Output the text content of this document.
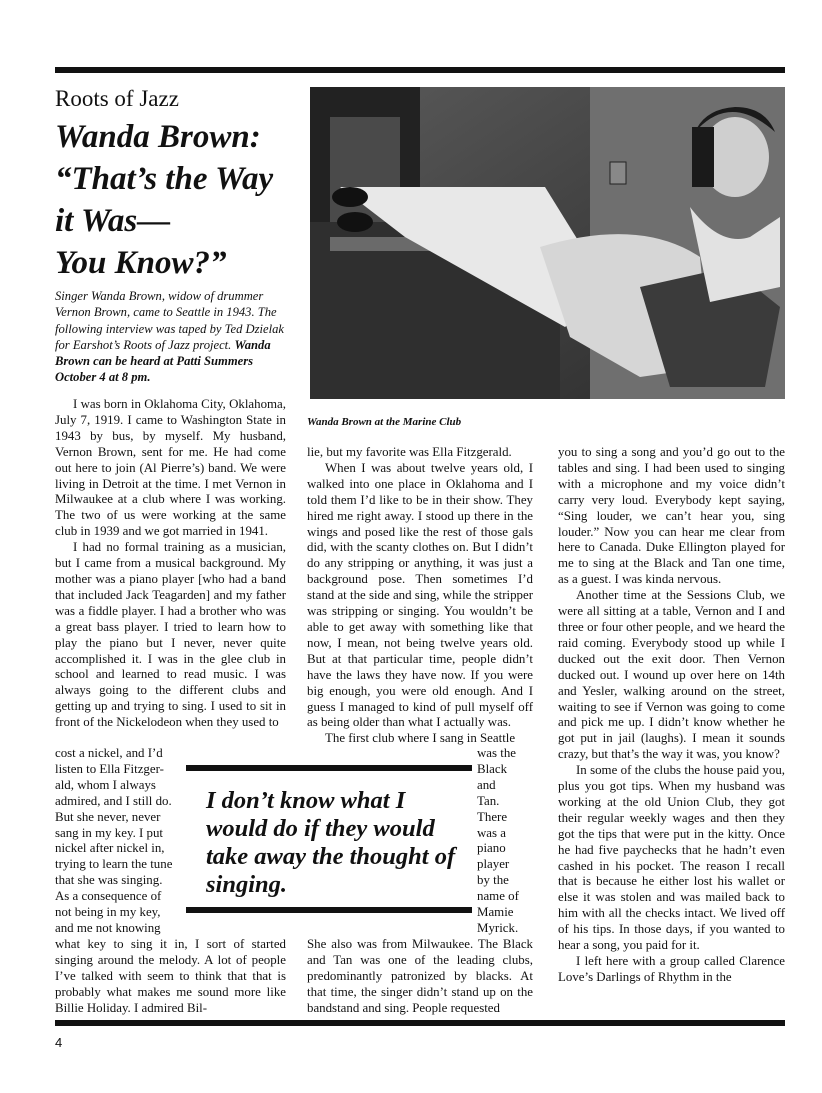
Roots of Jazz
Wanda Brown:
“That’s the Way
it Was—
You Know?”
Singer Wanda Brown, widow of drummer Vernon Brown, came to Seattle in 1943. The following interview was taped by Ted Dzielak for Earshot’s Roots of Jazz project. Wanda Brown can be heard at Patti Summers October 4 at 8 pm.
Wanda Brown at the Marine Club

I was born in Oklahoma City, Oklahoma, July 7, 1919. I came to Washington State in 1943 by bus, by myself. My husband, Vernon Brown, sent for me. He had come out here to join (Al Pierre’s) band. We were living in Detroit at the time. I met Vernon in Milwaukee at a club where I was working. The two of us were working at the same club in 1939 and we got married in 1941.

I had no formal training as a musician, but I came from a musical background. My mother was a piano player [who had a band that included Jack Teagarden] and my father was a fiddle player. I had a brother who was a great bass player. I tried to learn how to play the piano but I never, never quite accomplished it. I was in the glee club in school and learned to read music. I was always going to the different clubs and getting up and trying to sing. I used to sit in front of the Nickelodeon when they used to

cost a nickel, and I’d
listen to Ella Fitzger-
ald, whom I always
admired, and I still do.
But she never, never
sang in my key. I put
nickel after nickel in,
trying to learn the tune
that she was singing.
As a consequence of
not being in my key,
and me not knowing

what key to sing it in, I sort of started singing around the melody. A lot of people I’ve talked with seem to think that that is probably what makes me sound more like Billie Holiday. I admired Bil-

lie, but my favorite was Ella Fitzgerald.

When I was about twelve years old, I walked into one place in Oklahoma and I told them I’d like to be in their show. They hired me right away. I stood up there in the wings and posed like the rest of those gals did, with the scanty clothes on. But I didn’t do any stripping or anything, it was just a background pose. Then sometimes I’d stand at the side and sing, while the stripper was stripping or singing. You wouldn’t be able to get away with something like that now, I mean, not being twelve years old. But at that particular time, people didn’t have the laws they have now. If you were big enough, you were old enough. And I guess I managed to kind of pull myself off as being older than what I actually was.

The first club where I sang in Seattle

was the
Black
and
Tan.
There
was a
piano
player
by the
name of
Mamie
Myrick.

She also was from Milwaukee. The Black and Tan was one of the leading clubs, predominantly patronized by blacks. At that time, the singer didn’t stand up on the bandstand and sing. People requested

you to sing a song and you’d go out to the tables and sing. I had been used to singing with a microphone and my voice didn’t carry very loud. Everybody kept saying, “Sing louder, we can’t hear you, sing louder.” Now you can hear me clear from here to Canada. Duke Ellington played for me to sing at the Black and Tan one time, as a guest. I was kinda nervous.

Another time at the Sessions Club, we were all sitting at a table, Vernon and I and three or four other people, and we heard the raid coming. Everybody stood up while I ducked out the exit door. Then Vernon ducked out. I wound up over here on 14th and Yesler, walking around on the street, waiting to see if Vernon was going to come and pick me up. I didn’t know whether he got put in jail (laughs). I mean it sounds crazy, but that’s the way it was, you know?

In some of the clubs the house paid you, plus you got tips. When my husband was working at the old Union Club, they got their regular weekly wages and then they got the tips that were put in the kitty. Once he had five paychecks that he hadn’t even cashed in his pocket. The reason I recall that is because he either lost his wallet or else it was stolen and was mailed back to him with all the checks intact. We lived off of his tips. In those days, if you wanted to hear a song, you paid for it.

I left here with a group called Clarence Love’s Darlings of Rhythm in the

I don’t know what I
would do if they would
take away the thought of
singing.
4
